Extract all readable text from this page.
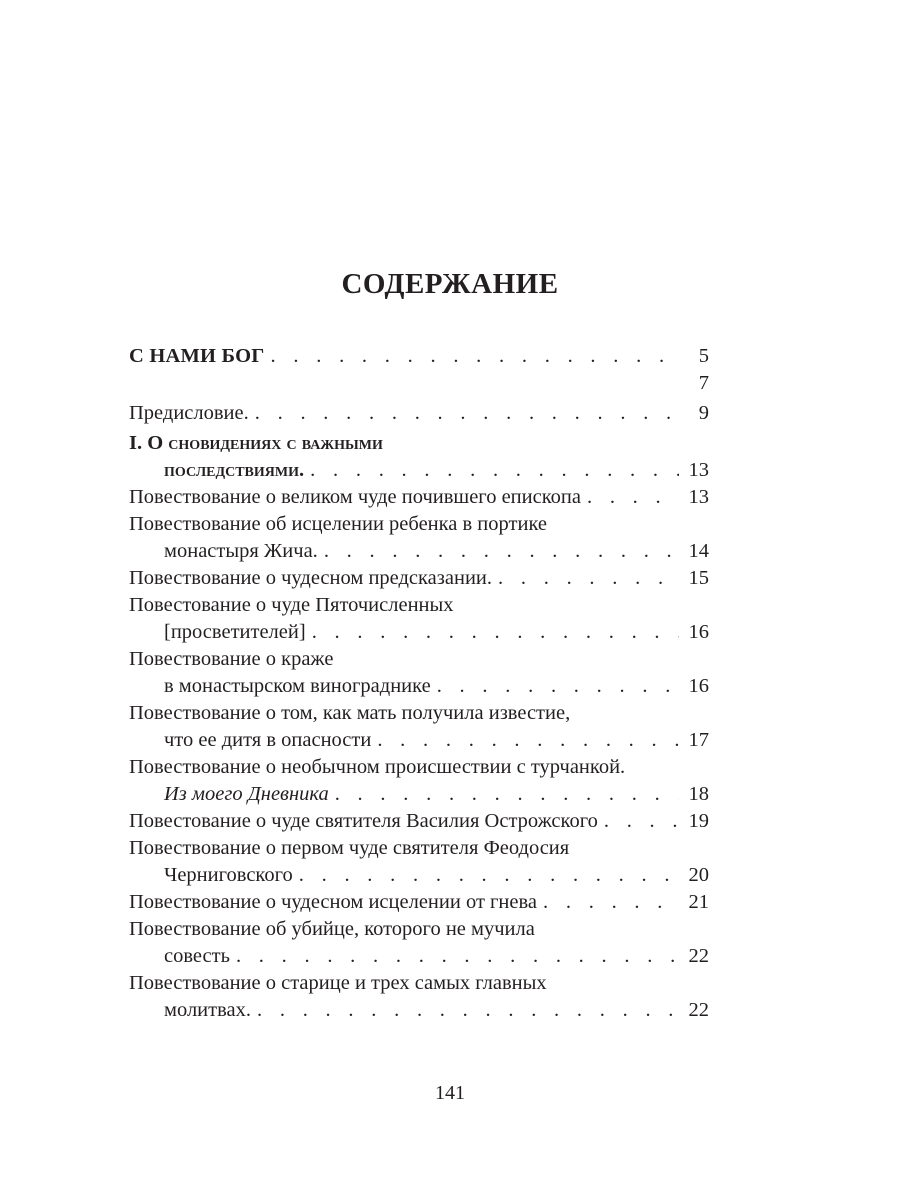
СОДЕРЖАНИЕ
С НАМИ БОГ . . .	5
7
Предисловие. . . .	9
I. О сновидениях с важными
последствиями. . . .	13
Повествование о великом чуде почившего епископа . . .	13
Повествование об исцелении ребенка в портике
монастыря Жича. . . .	14
Повествование о чудесном предсказании. . . .	15
Повестование о чуде Пяточисленных
[просветителей] . . .	16
Повествование о краже
в монастырском винограднике . . .	16
Повествование о том, как мать получила известие,
что ее дитя в опасности . . .	17
Повествование о необычном происшествии с турчанкой.
Из моего Дневника . . .	18
Повестование о чуде святителя Василия Острожского . . .	19
Повествование о первом чуде святителя Феодосия
Черниговского . . .	20
Повествование о чудесном исцелении от гнева . . .	21
Повествование об убийце, которого не мучила
совесть . . .	22
Повествование о старице и трех самых главных
молитвах. . . .	22
141
